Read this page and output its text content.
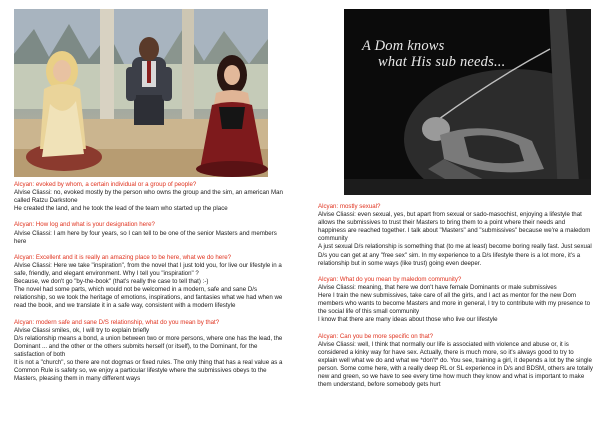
Alcyan: evoked by whom, a certain individual or a group of people?

Alvise Cliassi: no, evoked mostly by the person who owns the group and the sim, an american Man called Ratzu Darkstone

He created the land, and he took the lead of the team who started up the place

Alcyan: How log and what is your designation here?

Alvise Cliassi: I am here by four years, so I can tell to be one of the senior Masters and members here

Alcyan: Excellent and it is really an amazing place to be here, what we do here?

Alvise Cliassi: Here we take "inspiration", from the novel that I just told you, for live our lifestyle in a safe, friendly, and elegant environment. Why I tell you "inspiration" ?

Because, we don't go "by-the-book" (that's really the case to tell that) :-)

The novel had some parts, which would not be welcomed in a modern, safe and sane D/s relationship, so we took the heritage of emotions, inspirations, and fantasies what we had when we read the book, and we translate it in a safe way, consistent with a modern lifestyle

Alcyan: modern safe and sane D/S relationship, what do you mean by that?

Alvise Cliassi smiles, ok, I will try to explain briefly

D/s relationship means a bond, a union between two or more persons, where one has the lead, the Dominant ... and the other or the others submits herself (or itself), to the Dominant, for the satisfaction of both

It is not a "church", so there are not dogmas or fixed rules. The only thing that has a real value as a Common Rule is safety so, we enjoy a particular lifestyle where the submissives obeys to the Masters, pleasing them in many different ways

A Dom knows
what His sub needs...

Alcyan: mostly sexual?

Alvise Cliassi: even sexual, yes, but apart from sexual or sado-masochist, enjoying a lifestyle that allows the submissives to trust their Masters to bring them to a point where their needs and happiness are reached together. I talk about "Masters" and "submissives" because we're a maledom community

A just sexual D/s relationship is something that (to me at least) become boring really fast. Just sexual D/s you can get at any "free sex" sim. In my experience to a D/s lifestyle there is a lot more, it's a relationship but in some ways (like trust) going even deeper.

Alcyan: What do you mean by maledom community?

Alvise Cliassi: meaning, that here we don't have female Dominants or male submissives

Here I train the new submissives, take care of all the girls, and I act as mentor for the new Dom members who wants to become Masters and more in general, I try to contribute with my presence to the social life of this small community

I know that there are many ideas about those who live our lifestyle

Alcyan: Can you be more specific on that?

Alvise Cliassi: well, I think that normally our life is associated with violence and abuse or, it is considered a kinky way for have sex. Actually, there is much more, so it's always good to try to explain well what we do and what we *don't* do. You see, training a girl, it depends a lot by the single person. Some come here, with a really deep RL or SL experience in D/s and BDSM, others are totally new and green, so we have to see every time how much they know and what is important to make them understand, before somebody gets hurt
